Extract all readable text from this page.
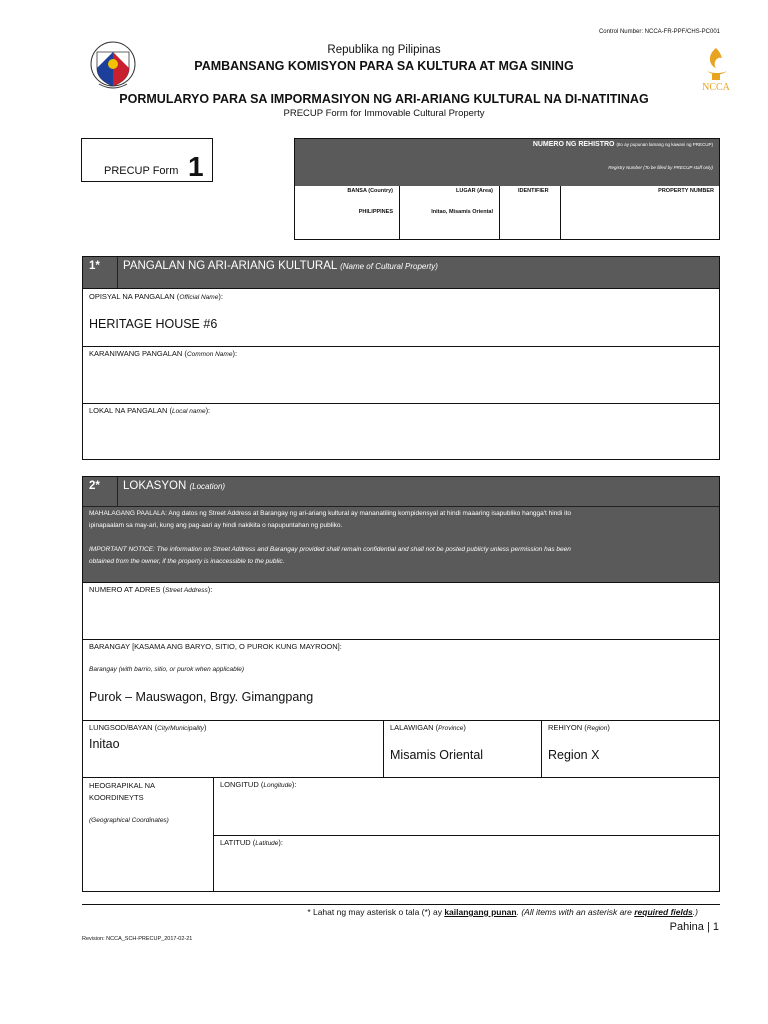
Control Number: NCCA-FR-PPF/CHS-PC001
NCCA
Republika ng Pilipinas
PAMBANSANG KOMISYON PARA SA KULTURA AT MGA SINING
PORMULARYO PARA SA IMPORMASIYON NG ARI-ARIANG KULTURAL NA DI-NATITINAG
PRECUP Form for Immovable Cultural Property
PRECUP Form 1
NUMERO NG REHISTRO (Ito ay pupunan lamang ng kawani ng PRECUP)
Registry Number (To be filled by PRECUP staff only)
BANSA (Country)
PHILIPPINES
LUGAR (Area)
Initao, Misamis Oriental
IDENTIFIER	PROPERTY NUMBER
1* PANGALAN NG ARI-ARIANG KULTURAL (Name of Cultural Property)
OPISYAL NA PANGALAN (Official Name):
HERITAGE HOUSE #6
KARANIWANG PANGALAN (Common Name):
LOKAL NA PANGALAN (Local name):
2* LOKASYON (Location)
MAHALAGANG PAALALA: Ang datos ng Street Address at Barangay ng ari-ariang kultural ay mananatiling kompidensyal at hindi maaaring isapubliko hangga't hindi ito
ipinapaalam sa may-ari, kung ang pag-aari ay hindi nakikita o napupuntahan ng publiko.
IMPORTANT NOTICE: The information on Street Address and Barangay provided shall remain confidential and shall not be posted publicly unless permission has been
obtained from the owner, if the property is inaccessible to the public.
NUMERO AT ADRES (Street Address):
BARANGAY [KASAMA ANG BARYO, SITIO, O PUROK KUNG MAYROON]:
Barangay (with barrio, sitio, or purok when applicable)
Purok – Mauswagon, Brgy. Gimangpang
LUNGSOD/BAYAN (City/Municipality)
Initao
LALAWIGAN (Province)
Misamis Oriental
REHIYON (Region)
Region X
HEOGRAPIKAL NA
KOORDINEYTS
(Geographical Coordinates)
LONGITUD (Longitude):
LATITUD (Latitude):
* Lahat ng may asterisk o tala (*) ay kailangang punan. (All items with an asterisk are required fields.)
Pahina | 1
Revision: NCCA_SCH-PRECUP_2017-02-21
